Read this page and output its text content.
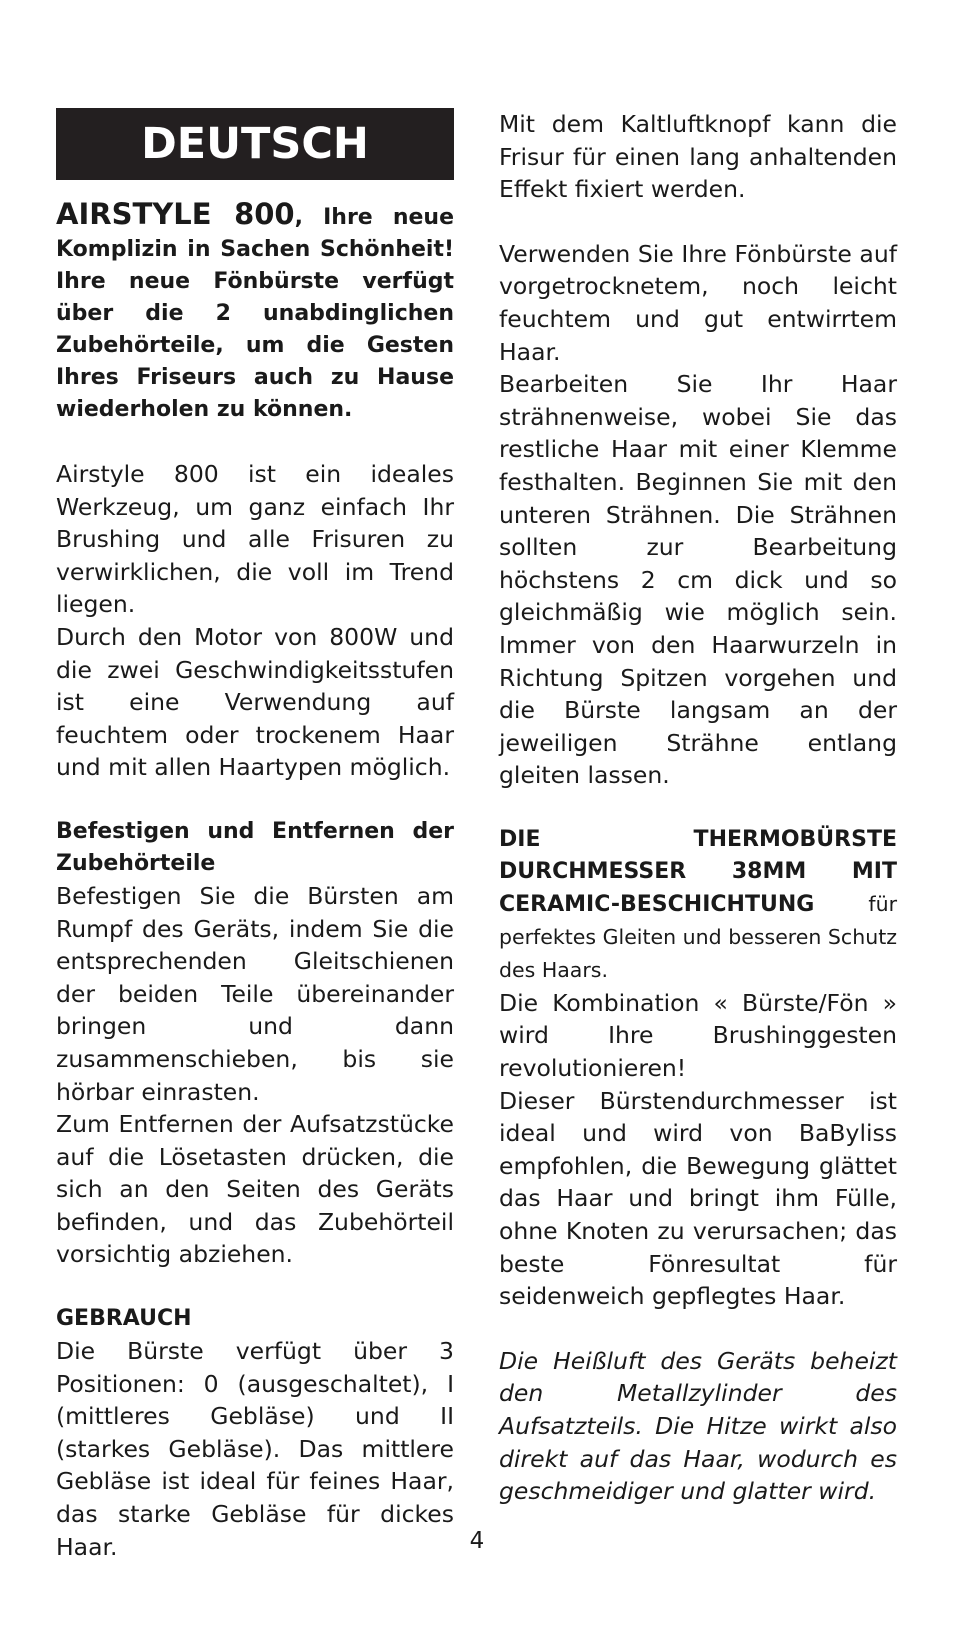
DEUTSCH

AIRSTYLE 800, Ihre neue Komplizin in Sachen Schönheit! Ihre neue Fönbürste verfügt über die 2 unabdinglichen Zubehörteile, um die Gesten Ihres Friseurs auch zu Hause wiederholen zu können.

Airstyle 800 ist ein ideales Werkzeug, um ganz einfach Ihr Brushing und alle Frisuren zu verwirklichen, die voll im Trend liegen.

Durch den Motor von 800W und die zwei Geschwindigkeitsstufen ist eine Verwendung auf feuchtem oder trockenem Haar und mit allen Haartypen möglich.

Befestigen und Entfernen der Zubehörteile

Befestigen Sie die Bürsten am Rumpf des Geräts, indem Sie die entsprechenden Gleitschienen der beiden Teile übereinander bringen und dann zusammenschieben, bis sie hörbar einrasten.

Zum Entfernen der Aufsatzstücke auf die Lösetasten drücken, die sich an den Seiten des Geräts befinden, und das Zubehörteil vorsichtig abziehen.

GEBRAUCH

Die Bürste verfügt über 3 Positionen: 0 (ausgeschaltet), I (mittleres Gebläse) und II (starkes Gebläse). Das mittlere Gebläse ist ideal für feines Haar, das starke Gebläse für dickes Haar.

Mit dem Kaltluftknopf kann die Frisur für einen lang anhaltenden Effekt fixiert werden.

Verwenden Sie Ihre Fönbürste auf vorgetrocknetem, noch leicht feuchtem und gut entwirrtem Haar.

Bearbeiten Sie Ihr Haar strähnenweise, wobei Sie das restliche Haar mit einer Klemme festhalten. Beginnen Sie mit den unteren Strähnen. Die Strähnen sollten zur Bearbeitung höchstens 2 cm dick und so gleichmäßig wie möglich sein. Immer von den Haarwurzeln in Richtung Spitzen vorgehen und die Bürste langsam an der jeweiligen Strähne entlang gleiten lassen.

DIE THERMOBÜRSTE DURCHMESSER 38MM MIT CERAMIC-BESCHICHTUNG für perfektes Gleiten und besseren Schutz des Haars.

Die Kombination « Bürste/Fön » wird Ihre Brushinggesten revolutionieren!

Dieser Bürstendurchmesser ist ideal und wird von BaByliss empfohlen, die Bewegung glättet das Haar und bringt ihm Fülle, ohne Knoten zu verursachen; das beste Fönresultat für seidenweich gepflegtes Haar.

Die Heißluft des Geräts beheizt den Metallzylinder des Aufsatzteils. Die Hitze wirkt also direkt auf das Haar, wodurch es geschmeidiger und glatter wird.

4
